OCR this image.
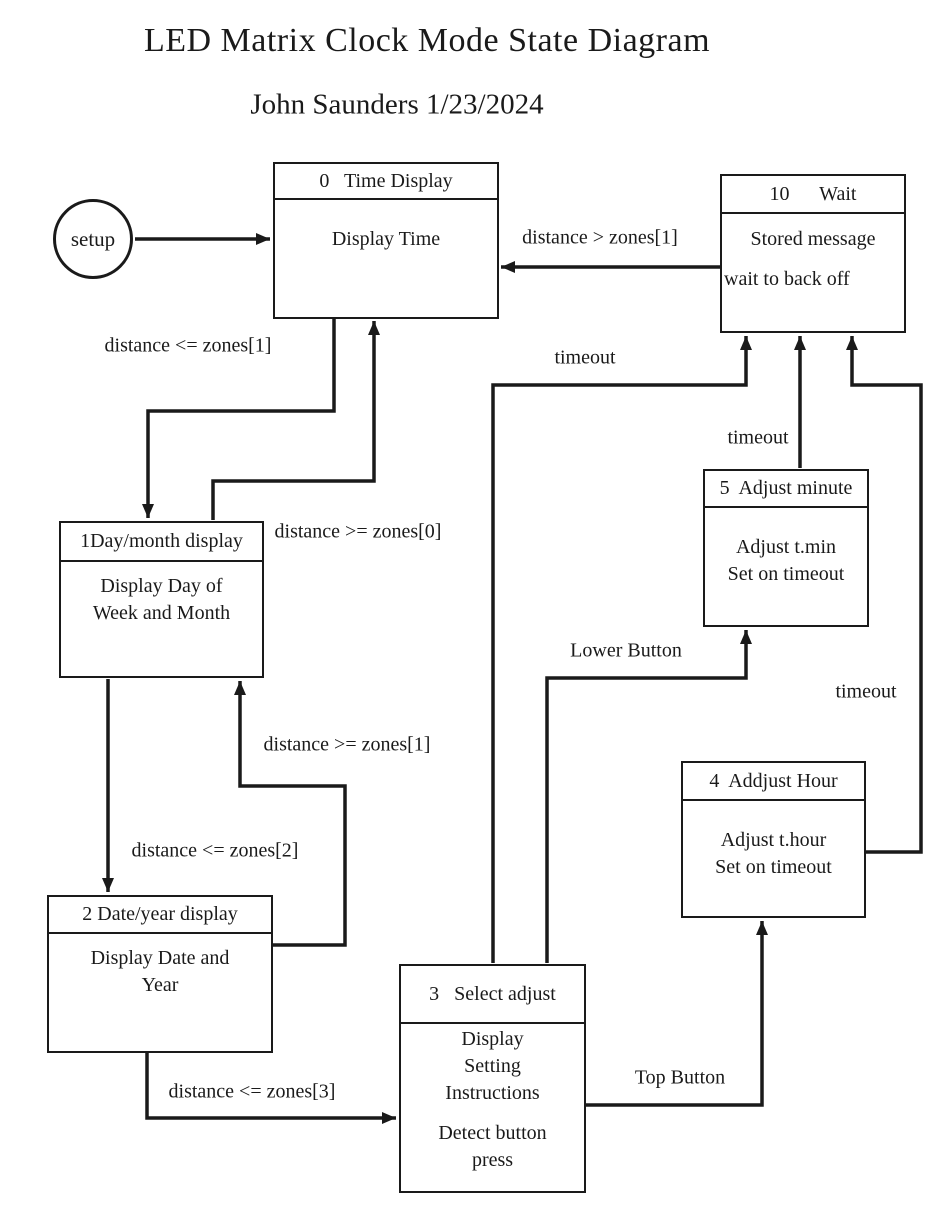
LED Matrix Clock Mode State Diagram
John Saunders 1/23/2024
setup
0   Time Display
Display Time
10      Wait
Stored message
wait to back off
1Day/month display
Display Day of
Week and Month
2 Date/year display
Display Date and
Year	3   Select adjust
Display
Setting
Instructions
Detect button
press
5  Adjust minute
Adjust t.min
Set on timeout
4  Addjust Hour
Adjust t.hour
Set on timeout
distance > zones[1]
distance <= zones[1]
distance >= zones[0]
distance >= zones[1]
distance <= zones[2]
distance <= zones[3]
timeout
timeout
timeout
Lower Button
Top Button
